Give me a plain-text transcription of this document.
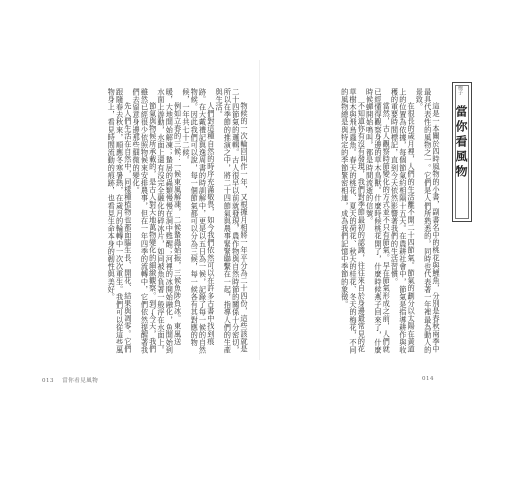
物候的一次輪回叫作一年，又根據月相將一年平分為二十四份，這些該就是二十四節氣的邏輯。古人很早以前就發現，農作物與自然時節的關係十分密切，所以在季節的推演之中，將二十四節氣與農事緊緊聯繫在一起，指導人們的生產與生活。

人們對這種自然的時序充滿敬畏，如今我們依然可以在許多古書中找到痕跡。在大戴禮記與逸周書的時訓解中，更是以五日為一候，記錄了每一候的自然物候。因此我們可以說，每一個節氣都可以分為三候，每一候各有其對應的物候，一年共七十二候。

例如立春的三候：一候東風解凍，二候蟄蟲始振，三候魚陟負冰。東風送暖，大地開始解凍；蟄居的蟲類慢慢在洞中甦醒；河裡的冰開始融化，魚開始到水面上游動，水面上還有沒完全融化的碎冰片，如同被魚負著一般浮在水面上。

節氣與物候所承載的，是古人對天地萬物變化的細緻觀察。到了今天，我們雖然已經很少依照物候來安排農事，但在一年四季的流轉中，它們依然提醒著我們去留意身邊那些細微的變化。

先人們生活在自然中，同樣種植物也都面臨生長、開花、結果與凋零。它們跟隨春去秋來，順應冬寒暑熱，在歲月的輪轉中一次次重生。我們可以從這些風物身上，看見時間流動的痕跡，也看見生命本身的韌性與美好。

013 當你看見風物

這是一本關於四時風物的小書，副書名中的桃花與鯉魚，分別是春秋兩季中最具代表性的風物之一。它們是人們所熟悉的，同時也代表著一年裡最為動人的景致。

在很長的歲月裡，人們的生活離不開二十四節氣。節氣的劃分以太陽在黃道上的位置為依據，每個節氣約相隔十五天。在農耕社會中，節氣是指導耕作與收穫的重要時間標記，直到今天依然影響著我們的生活習慣。

當然，古人觀察時節變化的方式並不只有節氣。早在節氣形成之前，人們就已經懂得觀察身邊的草木鳥獸。什麼時候桃花開了，什麼時候燕子回來了，什麼時候蟬開始鳴叫，都是時間流逝的信號。

不知道你有沒有發現，我們對季節最初的認識，往往來自於身邊最常見的花草樹木與飛鳥蟲魚。春天的桃花、夏天的荷花、秋天的桂花、冬天的梅花，不同的風物總是與特定的季節緊密相連，成為我們記憶中季節的象徵。	楔子
當你看風物
014
